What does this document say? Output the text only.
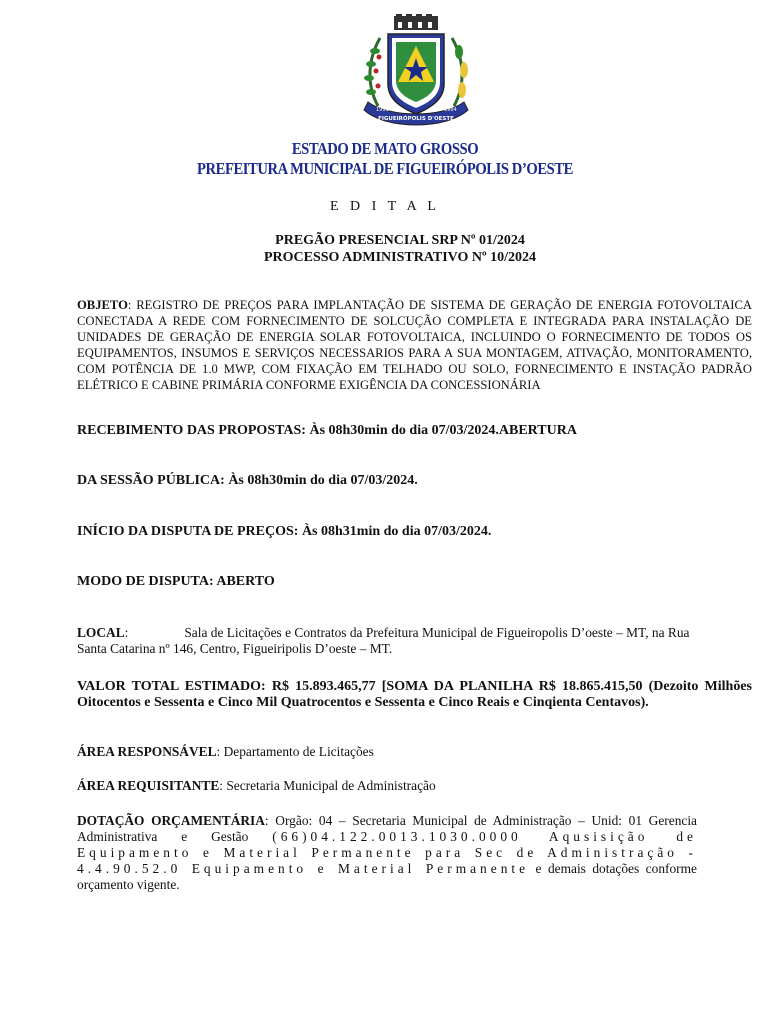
FIGUEIRÓPOLIS D'OESTE
1991	1984
ESTADO DE MATO GROSSO
PREFEITURA MUNICIPAL DE FIGUEIRÓPOLIS D’OESTE
E D I T A L
PREGÃO PRESENCIAL SRP Nº 01/2024
PROCESSO ADMINISTRATIVO Nº 10/2024
OBJETO: REGISTRO DE PREÇOS PARA IMPLANTAÇÃO DE SISTEMA DE GERAÇÃO DE ENERGIA FOTOVOLTAICA CONECTADA A REDE COM FORNECIMENTO DE SOLCUÇÃO COMPLETA E INTEGRADA PARA INSTALAÇÃO DE UNIDADES DE GERAÇÃO DE ENERGIA SOLAR FOTOVOLTAICA, INCLUINDO O FORNECIMENTO DE TODOS OS EQUIPAMENTOS, INSUMOS E SERVIÇOS NECESSARIOS PARA A SUA MONTAGEM, ATIVAÇÃO, MONITORAMENTO, COM POTÊNCIA DE 1.0 MWP, COM FIXAÇÃO EM TELHADO OU SOLO, FORNECIMENTO E INSTAÇÃO PADRÃO ELÉTRICO E CABINE PRIMÁRIA CONFORME EXIGÊNCIA DA CONCESSIONÁRIA
RECEBIMENTO DAS PROPOSTAS: Às 08h30min do dia 07/03/2024.ABERTURA
DA SESSÃO PÚBLICA: Às 08h30min do dia 07/03/2024.
INÍCIO DA DISPUTA DE PREÇOS: Às 08h31min do dia 07/03/2024.
MODO DE DISPUTA: ABERTO
LOCAL:	Sala de Licitações e Contratos da Prefeitura Municipal de Figueiropolis D’oeste – MT, na Rua Santa Catarina nº 146, Centro, Figueiripolis D’oeste – MT.
VALOR TOTAL ESTIMADO: R$ 15.893.465,77 [SOMA DA PLANILHA R$ 18.865.415,50 (Dezoito Milhões Oitocentos e Sessenta e Cinco Mil Quatrocentos e Sessenta e Cinco Reais e Cinqienta Centavos).
ÁREA RESPONSÁVEL: Departamento de Licitações
ÁREA REQUISITANTE: Secretaria Municipal de Administração
DOTAÇÃO ORÇAMENTÁRIA: Orgão: 04 – Secretaria Municipal de Administração – Unid: 01 Gerencia Administrativa e Gestão (66)04.122.0013.1030.0000 Aqusisição de Equipamento e Material Permanente para Sec de Administração - 4.4.90.52.0 Equipamento e Material Permanente e demais dotações conforme orçamento vigente.
